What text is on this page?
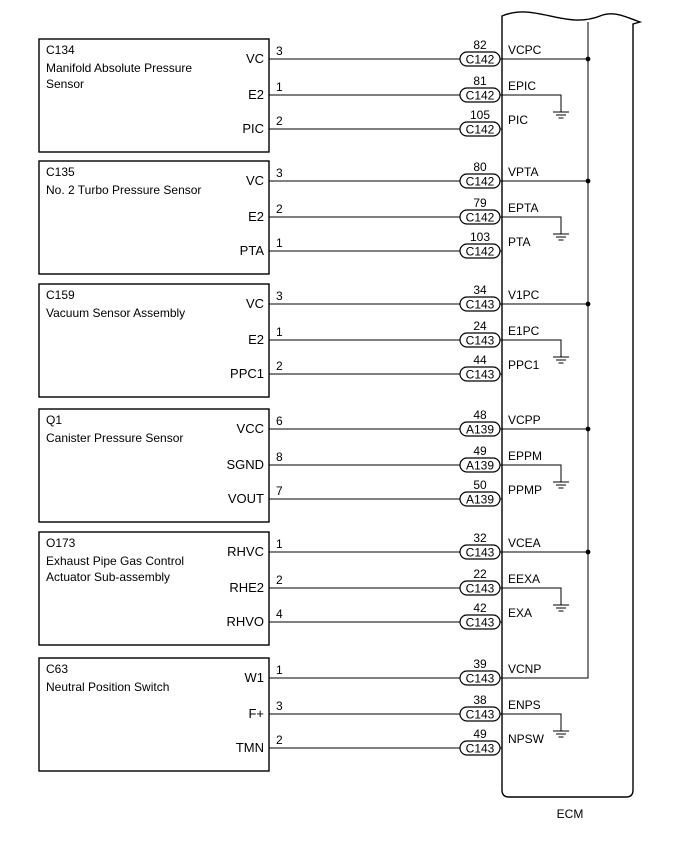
ECM
C134
Manifold Absolute Pressure
Sensor
VC 3
C142
82 VCPC
E2 1
C142
81 EPIC
PIC 2
C142
105 PIC
C135
No. 2 Turbo Pressure Sensor
VC 3
C142
80 VPTA
E2 2
C142
79 EPTA
PTA 1
C142
103 PTA
C159
Vacuum Sensor Assembly
VC 3
C143
34 V1PC
E2 1
C143
24 E1PC
PPC1 2
C143
44 PPC1
Q1
Canister Pressure Sensor
VCC 6
A139
48 VCPP
SGND 8
A139
49 EPPM
VOUT 7
A139
50 PPMP
O173
Exhaust Pipe Gas Control
Actuator Sub-assembly
RHVC 1
C143
32 VCEA
RHE2 2
C143
22 EEXA
RHVO 4
C143
42 EXA
C63
Neutral Position Switch
W1 1
C143
39 VCNP
F+ 3
C143
38 ENPS
TMN 2
C143
49 NPSW
